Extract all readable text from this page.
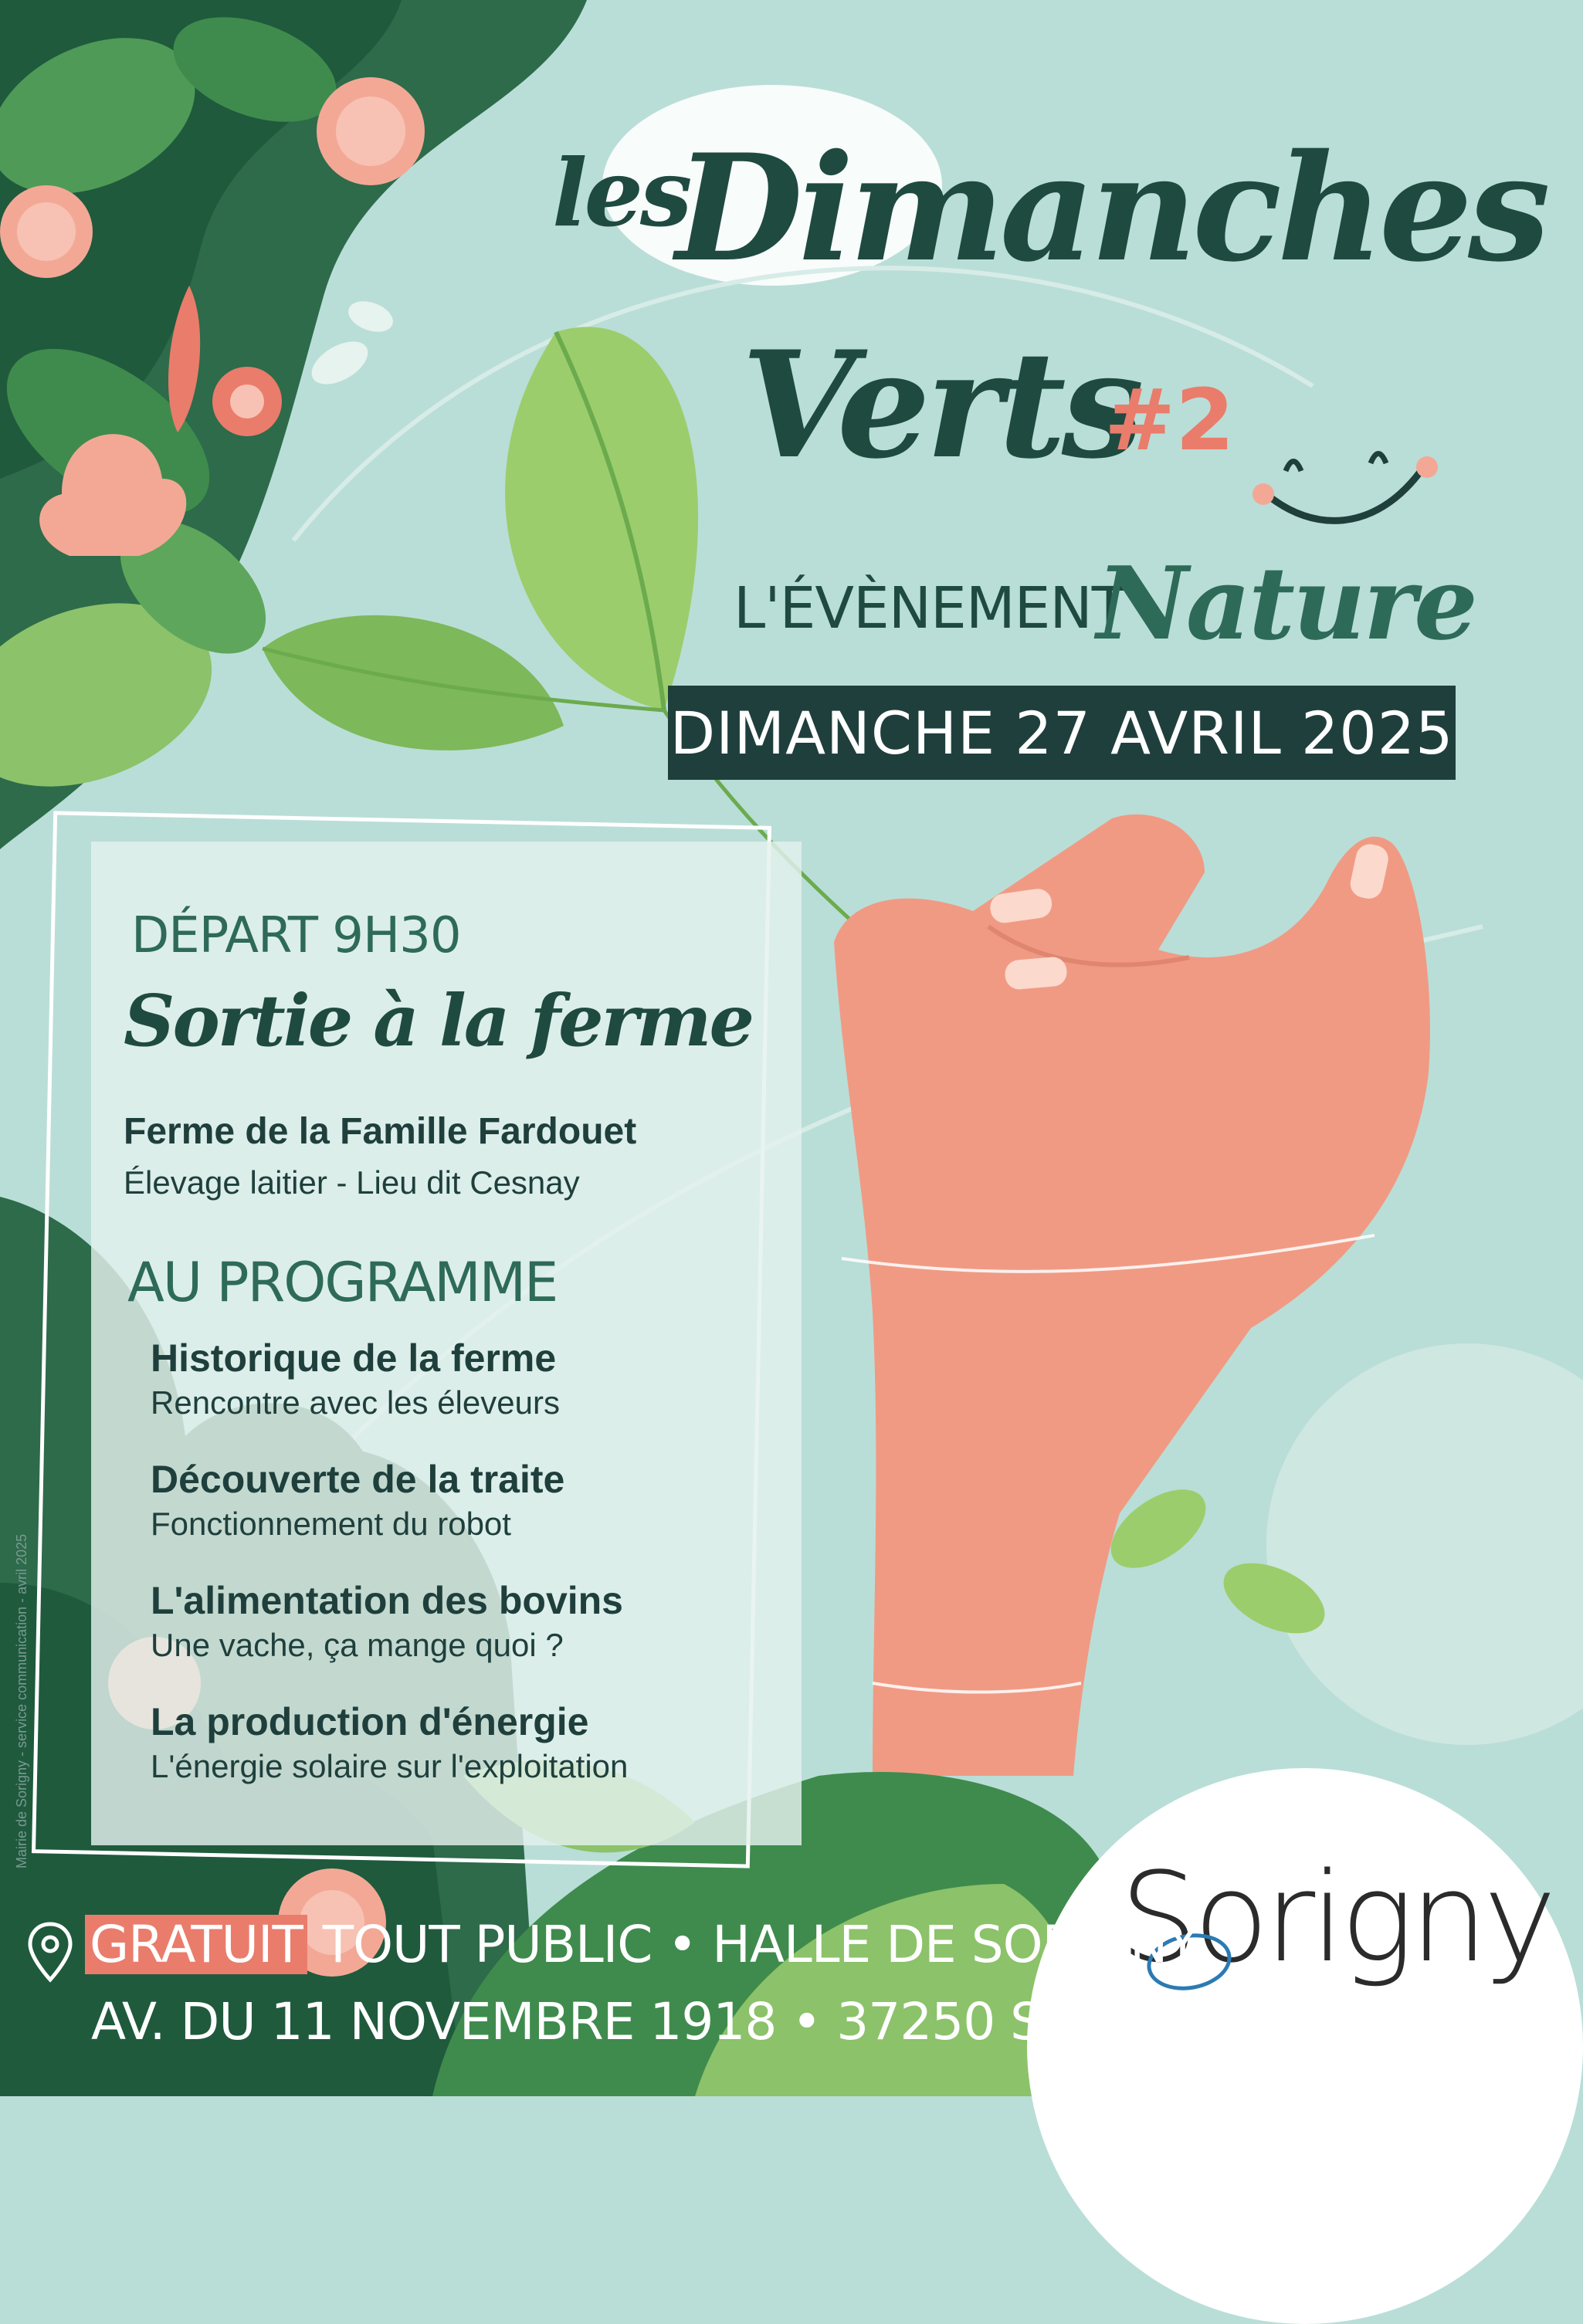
Sorigny
les
Dimanches
Verts
#2
L'ÉVÈNEMENT
Nature
DIMANCHE 27 AVRIL 2025
DÉPART 9H30
Sortie à la ferme
Ferme de la Famille Fardouet
Élevage laitier - Lieu dit Cesnay
AU PROGRAMME
Historique de la ferme
Rencontre avec les éleveurs
Découverte de la traite
Fonctionnement du robot
L'alimentation des bovins
Une vache, ça mange quoi ?
La production d'énergie
L'énergie solaire sur l'exploitation
GRATUIT TOUT PUBLIC • HALLE DE SORIGNY
AV. DU 11 NOVEMBRE 1918 • 37250 SORIGNY
Mairie de Sorigny - service communication - avril 2025
